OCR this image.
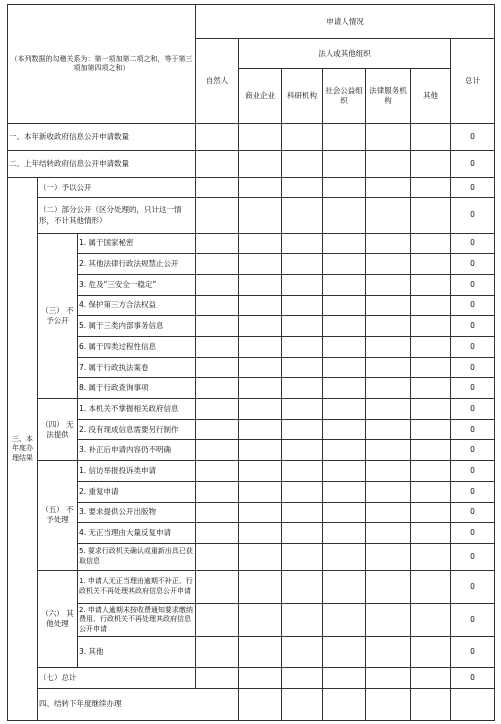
（本列数据的勾稽关系为：第一项加第二项之和，等于第三项加第四项之和）			申请人情况							
			自然人	法人或其他组织					总计	
				商业企业	科研机构	社会公益组织	法律服务机构	其他		
一、本年新收政府信息公开申请数量									0	
二、上年结转政府信息公开申请数量									0	
三、本年度办理结果	（一）予以公开								0	
	（二）部分公开（区分处理的，只计这一情形，不计其他情形）								0	
	（三） 不予公开	1. 属于国家秘密							0	
		2. 其他法律行政法规禁止公开							0	
		3. 危及“三安全一稳定”							0	
		4. 保护第三方合法权益							0	
		5. 属于三类内部事务信息							0	
		6. 属于四类过程性信息							0	
		7. 属于行政执法案卷							0	
		8. 属于行政查询事项							0	
	（四） 无法提供	1. 本机关不掌握相关政府信息							0	
		2. 没有现成信息需要另行制作							0	
		3. 补正后申请内容仍不明确							0	
	（五） 不予处理	1. 信访举报投诉类申请							0	
		2. 重复申请							0	
		3. 要求提供公开出版物							0	
		4. 无正当理由大量反复申请							0	
		5. 要求行政机关确认或重新出具已获取信息							0	
	（六） 其他处理	1. 申请人无正当理由逾期不补正、行政机关不再处理其政府信息公开申请							0	
		2. 申请人逾期未按收费通知要求缴纳费用、行政机关不再处理其政府信息公开申请							0	
		3. 其他							0	
	（七）总计								0	
	四、结转下年度继续办理							
